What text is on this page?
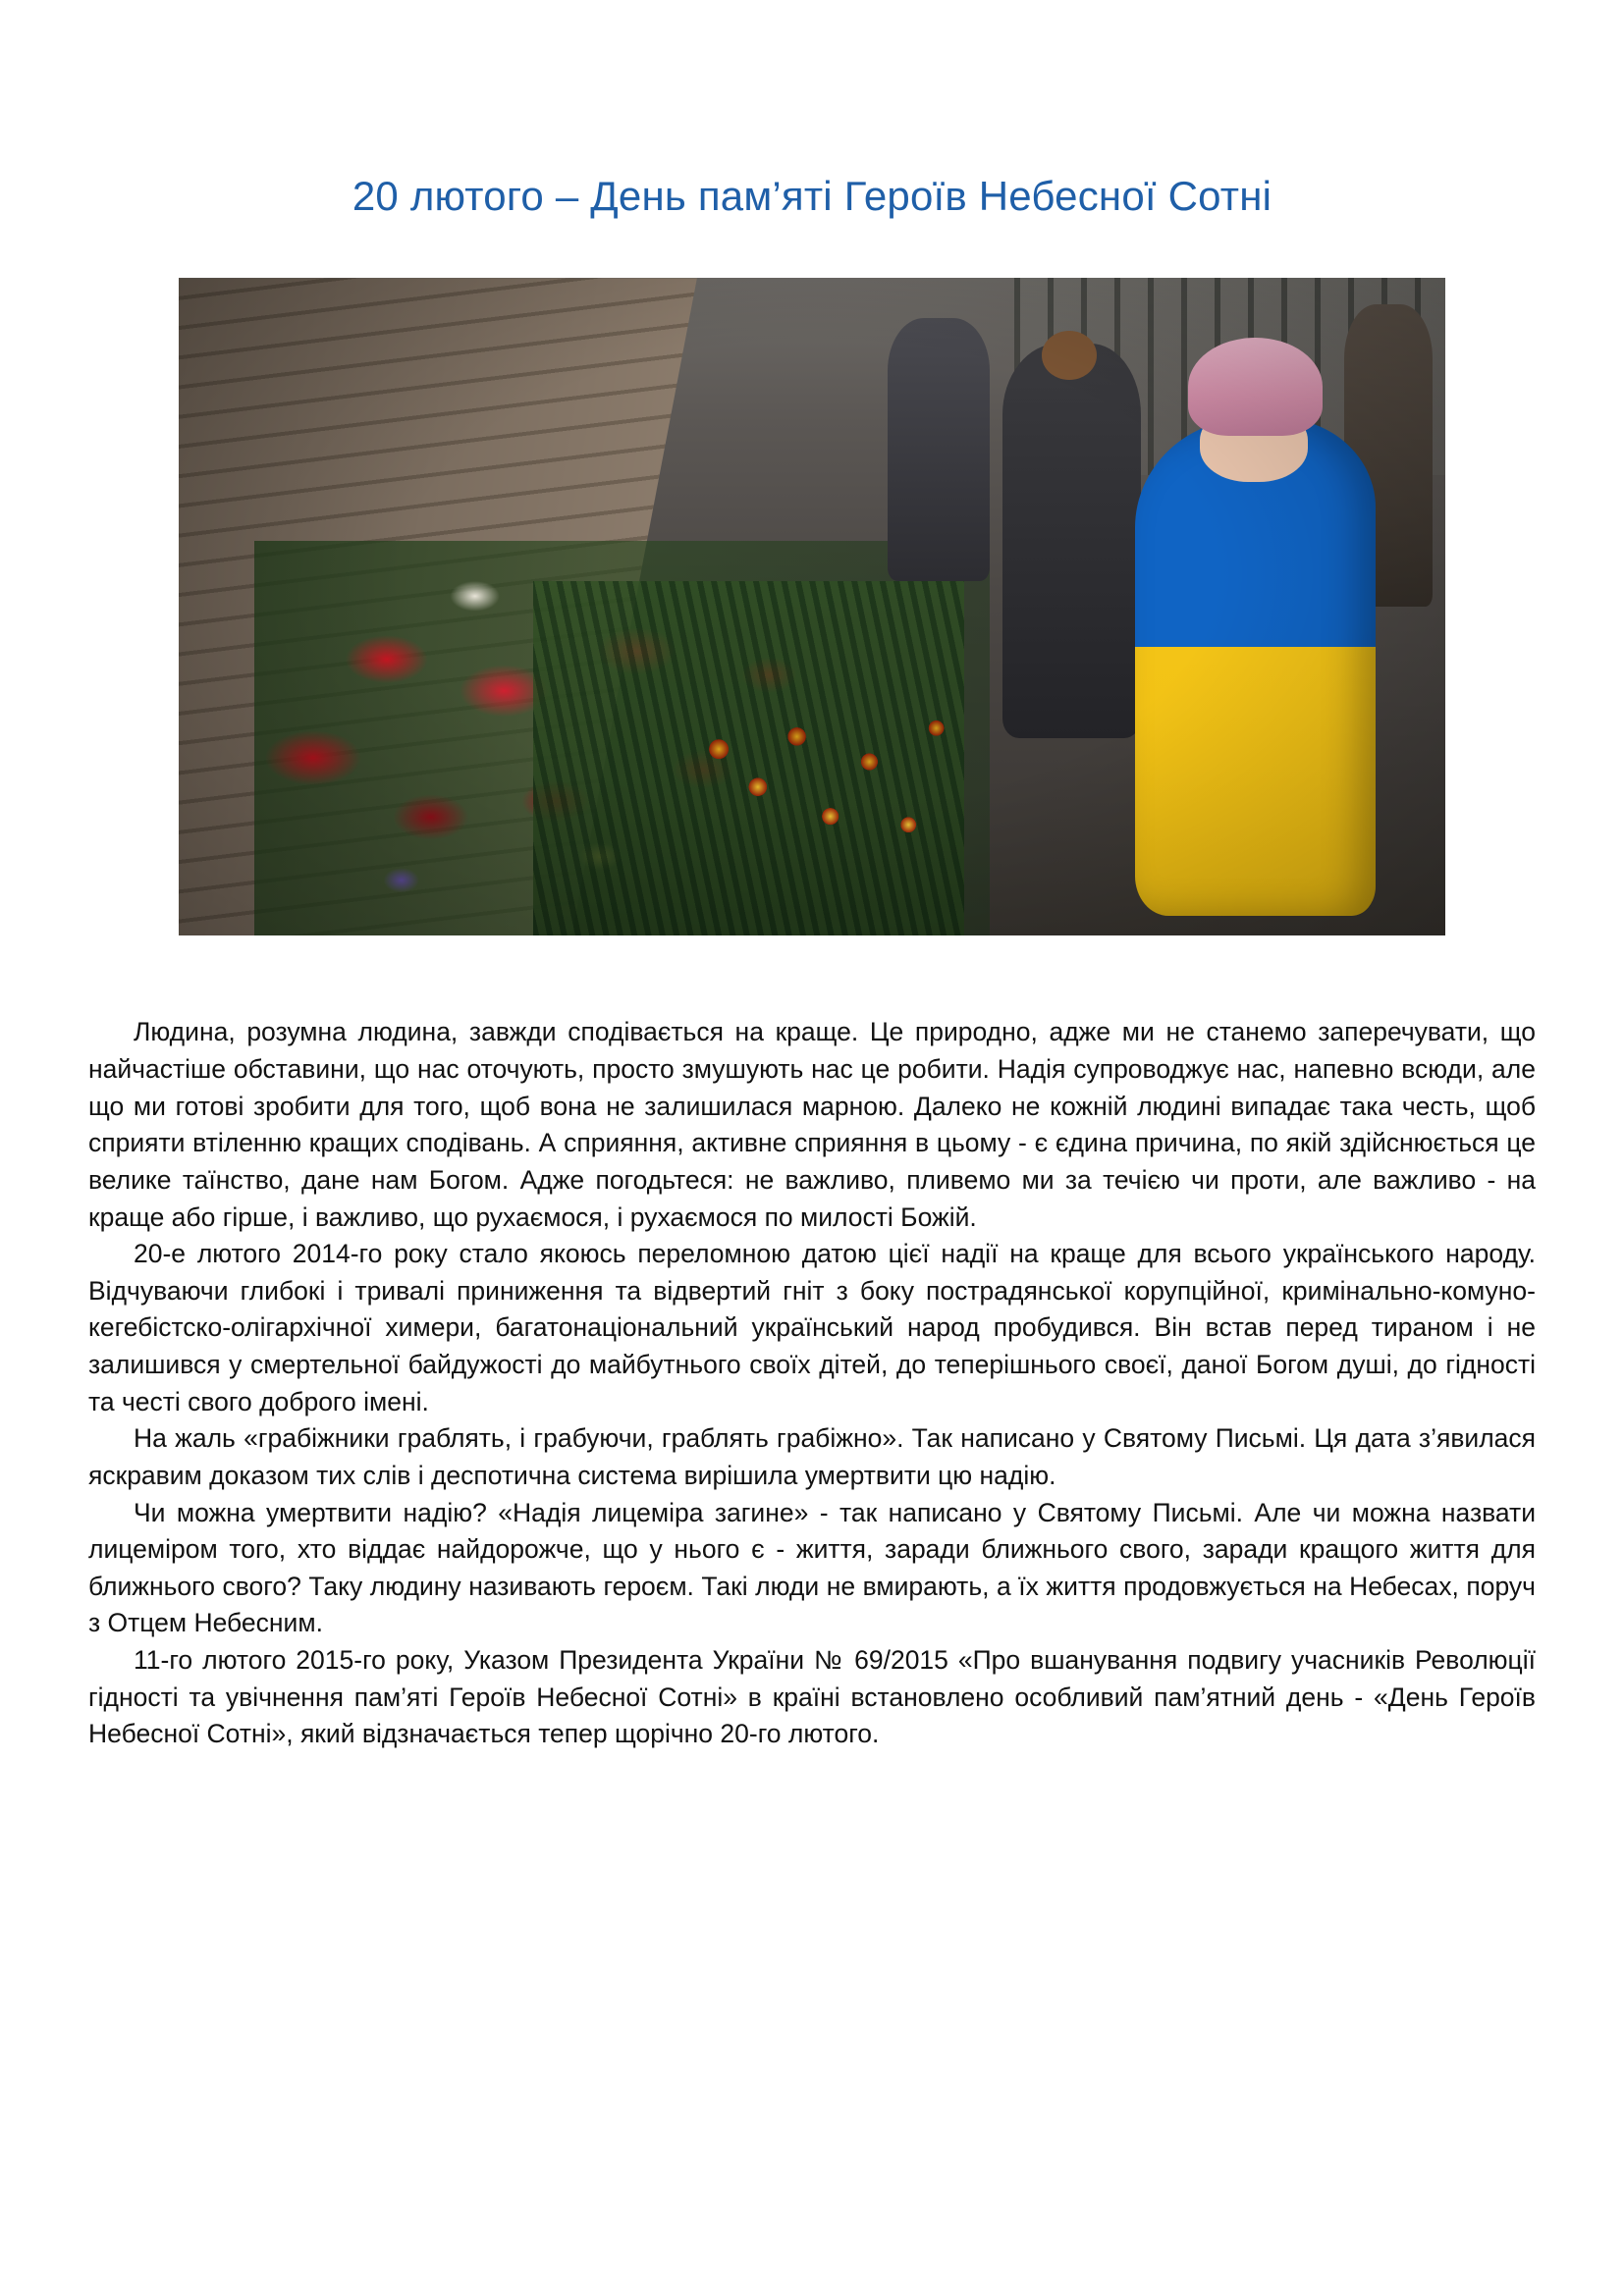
20 лютого – День пам’яті Героїв Небесної Сотні

Людина, розумна людина, завжди сподівається на краще. Це природно, адже ми не станемо заперечувати, що найчастіше обставини, що нас оточують, просто змушують нас це робити. Надія супроводжує нас, напевно всюди, але що ми готові зробити для того, щоб вона не залишилася марною. Далеко не кожній людині випадає така честь, щоб сприяти втіленню кращих сподівань. А сприяння, активне сприяння в цьому - є єдина причина, по якій здійснюється це велике таїнство, дане нам Богом. Адже погодьтеся: не важливо, пливемо ми за течією чи проти, але важливо - на краще або гірше, і важливо, що рухаємося, і рухаємося по милості Божій.

20-е лютого 2014-го року стало якоюсь переломною датою цієї надії на краще для всього українського народу. Відчуваючи глибокі і тривалі приниження та відвертий гніт з боку пострадянської корупційної, кримінально-комуно-кегебістско-олігархічної химери, багатонаціональний український народ пробудився. Він встав перед тираном і не залишився у смертельної байдужості до майбутнього своїх дітей, до теперішнього своєї, даної Богом душі, до гідності та честі свого доброго імені.

На жаль «грабіжники граблять, і грабуючи, граблять грабіжно». Так написано у Святому Письмі. Ця дата з’явилася яскравим доказом тих слів і деспотична система вирішила умертвити цю надію.

Чи можна умертвити надію? «Надія лицеміра загине» - так написано у Святому Письмі. Але чи можна назвати лицеміром того, хто віддає найдорожче, що у нього є - життя, заради ближнього свого, заради кращого життя для ближнього свого? Таку людину називають героєм. Такі люди не вмирають, а їх життя продовжується на Небесах, поруч з Отцем Небесним.

11-го лютого 2015-го року, Указом Президента України № 69/2015 «Про вшанування подвигу учасників Революції гідності та увічнення пам’яті Героїв Небесної Сотні» в країні встановлено особливий пам’ятний день - «День Героїв Небесної Сотні», який відзначається тепер щорічно 20-го лютого.
